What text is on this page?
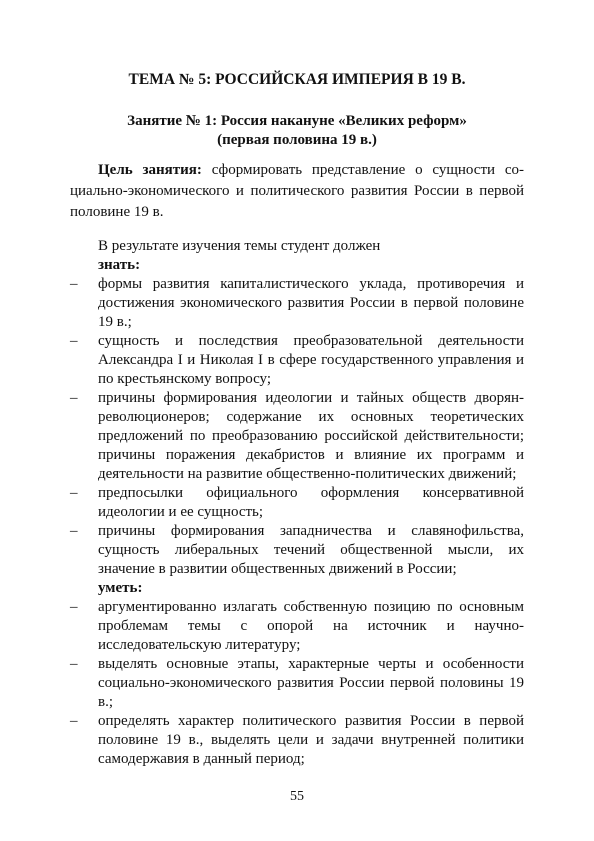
ТЕМА № 5: РОССИЙСКАЯ ИМПЕРИЯ В 19 В.
Занятие № 1: Россия накануне «Великих реформ»
(первая половина 19 в.)

Цель занятия: сформировать представление о сущности социально-экономического и политического развития России в первой половине 19 в.

В результате изучения темы студент должен
знать:
–	формы развития капиталистического уклада, противоречия и достижения экономического развития России в первой половине 19 в.;
–	сущность и последствия преобразовательной деятельности Александра I и Николая I в сфере государственного управления и по крестьянскому вопросу;
–	причины формирования идеологии и тайных обществ дворян-революционеров; содержание их основных теоретических предложений по преобразованию российской действительности; причины поражения декабристов и влияние их программ и деятельности на развитие общественно-политических движений;
–	предпосылки официального оформления консервативной идеологии и ее сущность;
–	причины формирования западничества и славянофильства, сущность либеральных течений общественной мысли, их значение в развитии общественных движений в России;
уметь:
–	аргументированно излагать собственную позицию по основным проблемам темы с опорой на источник и научно-исследовательскую литературу;
–	выделять основные этапы, характерные черты и особенности социально-экономического развития России первой половины 19 в.;
–	определять характер политического развития России в первой половине 19 в., выделять цели и задачи внутренней политики самодержавия в данный период;
55
